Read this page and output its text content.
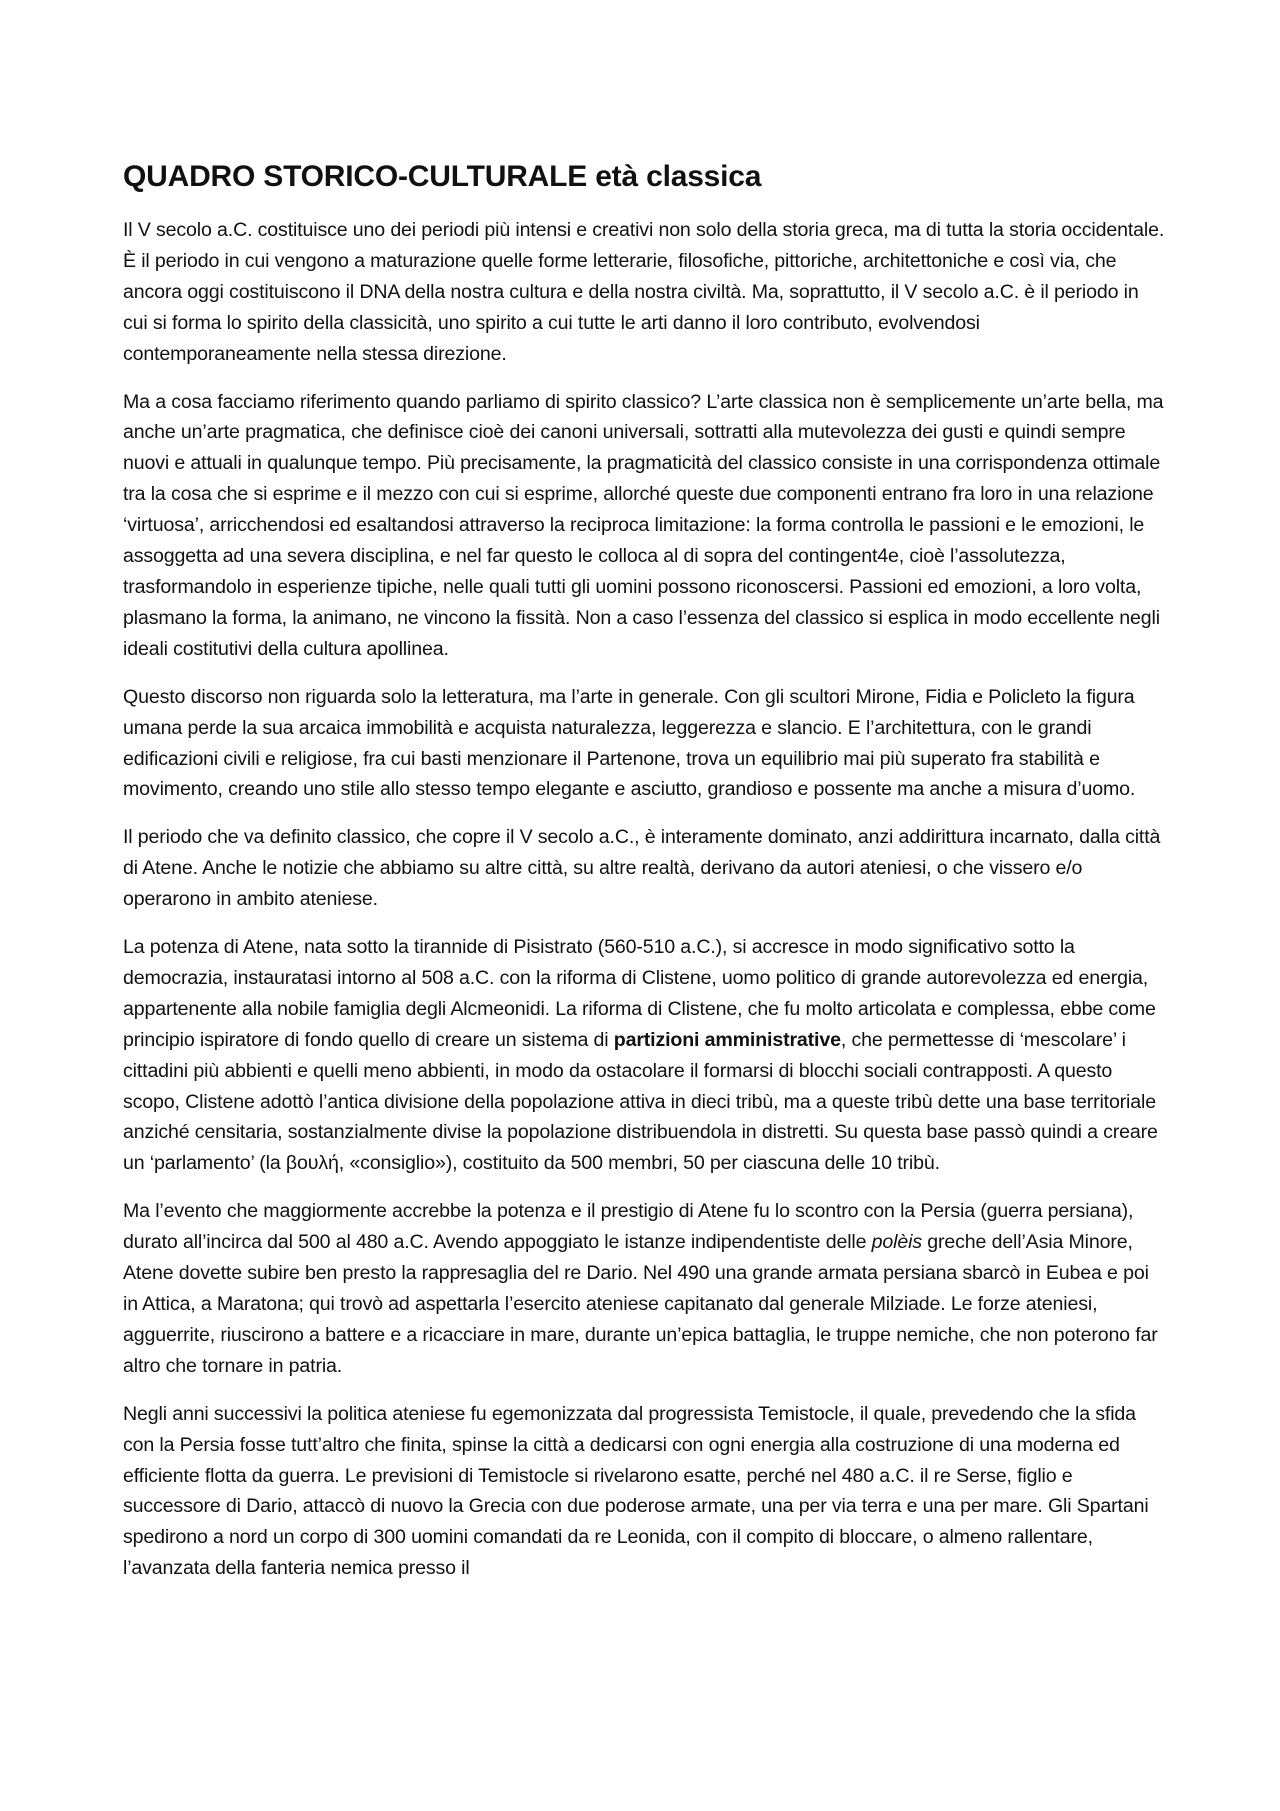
QUADRO STORICO-CULTURALE età classica

Il V secolo a.C. costituisce uno dei periodi più intensi e creativi non solo della storia greca, ma di tutta la storia occidentale. È il periodo in cui vengono a maturazione quelle forme letterarie, filosofiche, pittoriche, architettoniche e così via, che ancora oggi costituiscono il DNA della nostra cultura e della nostra civiltà. Ma, soprattutto, il V secolo a.C. è il periodo in cui si forma lo spirito della classicità, uno spirito a cui tutte le arti danno il loro contributo, evolvendosi contemporaneamente nella stessa direzione.

Ma a cosa facciamo riferimento quando parliamo di spirito classico? L’arte classica non è semplicemente un’arte bella, ma anche un’arte pragmatica, che definisce cioè dei canoni universali, sottratti alla mutevolezza dei gusti e quindi sempre nuovi e attuali in qualunque tempo. Più precisamente, la pragmaticità del classico consiste in una corrispondenza ottimale tra la cosa che si esprime e il mezzo con cui si esprime, allorché queste due componenti entrano fra loro in una relazione ‘virtuosa’, arricchendosi ed esaltandosi attraverso la reciproca limitazione: la forma controlla le passioni e le emozioni, le assoggetta ad una severa disciplina, e nel far questo le colloca al di sopra del contingent4e, cioè l’assolutezza, trasformandolo in esperienze tipiche, nelle quali tutti gli uomini possono riconoscersi. Passioni ed emozioni, a loro volta, plasmano la forma, la animano, ne vincono la fissità. Non a caso l’essenza del classico si esplica in modo eccellente negli ideali costitutivi della cultura apollinea.

Questo discorso non riguarda solo la letteratura, ma l’arte in generale. Con gli scultori Mirone, Fidia e Policleto la figura umana perde la sua arcaica immobilità e acquista naturalezza, leggerezza e slancio. E l’architettura, con le grandi edificazioni civili e religiose, fra cui basti menzionare il Partenone, trova un equilibrio mai più superato fra stabilità e movimento, creando uno stile allo stesso tempo elegante e asciutto, grandioso e possente ma anche a misura d’uomo.

Il periodo che va definito classico, che copre il V secolo a.C., è interamente dominato, anzi addirittura incarnato, dalla città di Atene. Anche le notizie che abbiamo su altre città, su altre realtà, derivano da autori ateniesi, o che vissero e/o operarono in ambito ateniese.

La potenza di Atene, nata sotto la tirannide di Pisistrato (560-510 a.C.), si accresce in modo significativo sotto la democrazia, instauratasi intorno al 508 a.C. con la riforma di Clistene, uomo politico di grande autorevolezza ed energia, appartenente alla nobile famiglia degli Alcmeonidi. La riforma di Clistene, che fu molto articolata e complessa, ebbe come principio ispiratore di fondo quello di creare un sistema di partizioni amministrative, che permettesse di ‘mescolare’ i cittadini più abbienti e quelli meno abbienti, in modo da ostacolare il formarsi di blocchi sociali contrapposti. A questo scopo, Clistene adottò l’antica divisione della popolazione attiva in dieci tribù, ma a queste tribù dette una base territoriale anziché censitaria, sostanzialmente divise la popolazione distribuendola in distretti. Su questa base passò quindi a creare un ‘parlamento’ (la βουλή, «consiglio»), costituito da 500 membri, 50 per ciascuna delle 10 tribù.

Ma l’evento che maggiormente accrebbe la potenza e il prestigio di Atene fu lo scontro con la Persia (guerra persiana), durato all’incirca dal 500 al 480 a.C. Avendo appoggiato le istanze indipendentiste delle polèis greche dell’Asia Minore, Atene dovette subire ben presto la rappresaglia del re Dario. Nel 490 una grande armata persiana sbarcò in Eubea e poi in Attica, a Maratona; qui trovò ad aspettarla l’esercito ateniese capitanato dal generale Milziade. Le forze ateniesi, agguerrite, riuscirono a battere e a ricacciare in mare, durante un’epica battaglia, le truppe nemiche, che non poterono far altro che tornare in patria.

Negli anni successivi la politica ateniese fu egemonizzata dal progressista Temistocle, il quale, prevedendo che la sfida con la Persia fosse tutt’altro che finita, spinse la città a dedicarsi con ogni energia alla costruzione di una moderna ed efficiente flotta da guerra. Le previsioni di Temistocle si rivelarono esatte, perché nel 480 a.C. il re Serse, figlio e successore di Dario, attaccò di nuovo la Grecia con due poderose armate, una per via terra e una per mare. Gli Spartani spedirono a nord un corpo di 300 uomini comandati da re Leonida, con il compito di bloccare, o almeno rallentare, l’avanzata della fanteria nemica presso il
